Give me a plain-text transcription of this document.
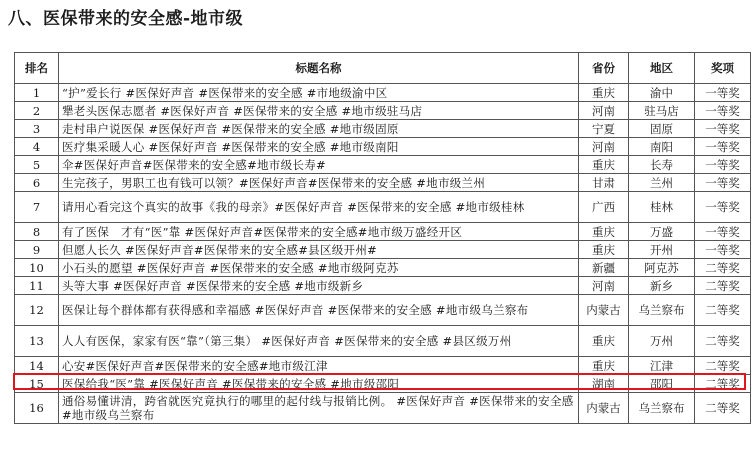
八、医保带来的安全感-地市级
排名	标题名称	省份	地区	奖项
1	“护”爱长行 #医保好声音 #医保带来的安全感 #市地级渝中区	重庆	渝中	一等奖
2	犟老头医保志愿者 #医保好声音 #医保带来的安全感 #地市级驻马店	河南	驻马店	一等奖
3	走村串户说医保 #医保好声音 #医保带来的安全感 #地市级固原	宁夏	固原	一等奖
4	医疗集采暖人心 #医保好声音 #医保带来的安全感 #地市级南阳	河南	南阳	一等奖
5	伞#医保好声音#医保带来的安全感#地市级长寿#	重庆	长寿	一等奖
6	生完孩子，男职工也有钱可以领？#医保好声音#医保带来的安全感 #地市级兰州	甘肃	兰州	一等奖
7	请用心看完这个真实的故事《我的母亲》#医保好声音 #医保带来的安全感 #地市级桂林	广西	桂林	一等奖
8	有了医保　才有“医”靠 #医保好声音#医保带来的安全感#地市级万盛经开区	重庆	万盛	一等奖
9	但愿人长久 #医保好声音#医保带来的安全感#县区级开州#	重庆	开州	一等奖
10	小石头的愿望 #医保好声音 #医保带来的安全感 #地市级阿克苏	新疆	阿克苏	二等奖
11	头等大事 #医保好声音 #医保带来的安全感 #地市级新乡	河南	新乡	二等奖
12	医保让每个群体都有获得感和幸福感 #医保好声音 #医保带来的安全感 #地市级乌兰察布	内蒙古	乌兰察布	二等奖
13	人人有医保，家家有医“靠”（第三集） #医保好声音 #医保带来的安全感 #县区级万州	重庆	万州	二等奖
14	心安#医保好声音#医保带来的安全感#地市级江津	重庆	江津	二等奖
15	医保给我“医”靠 #医保好声音 #医保带来的安全感 #地市级邵阳	湖南	邵阳	二等奖
16	通俗易懂讲清，跨省就医究竟执行的哪里的起付线与报销比例。 #医保好声音 #医保带来的安全感 #地市级乌兰察布	内蒙古	乌兰察布	二等奖
